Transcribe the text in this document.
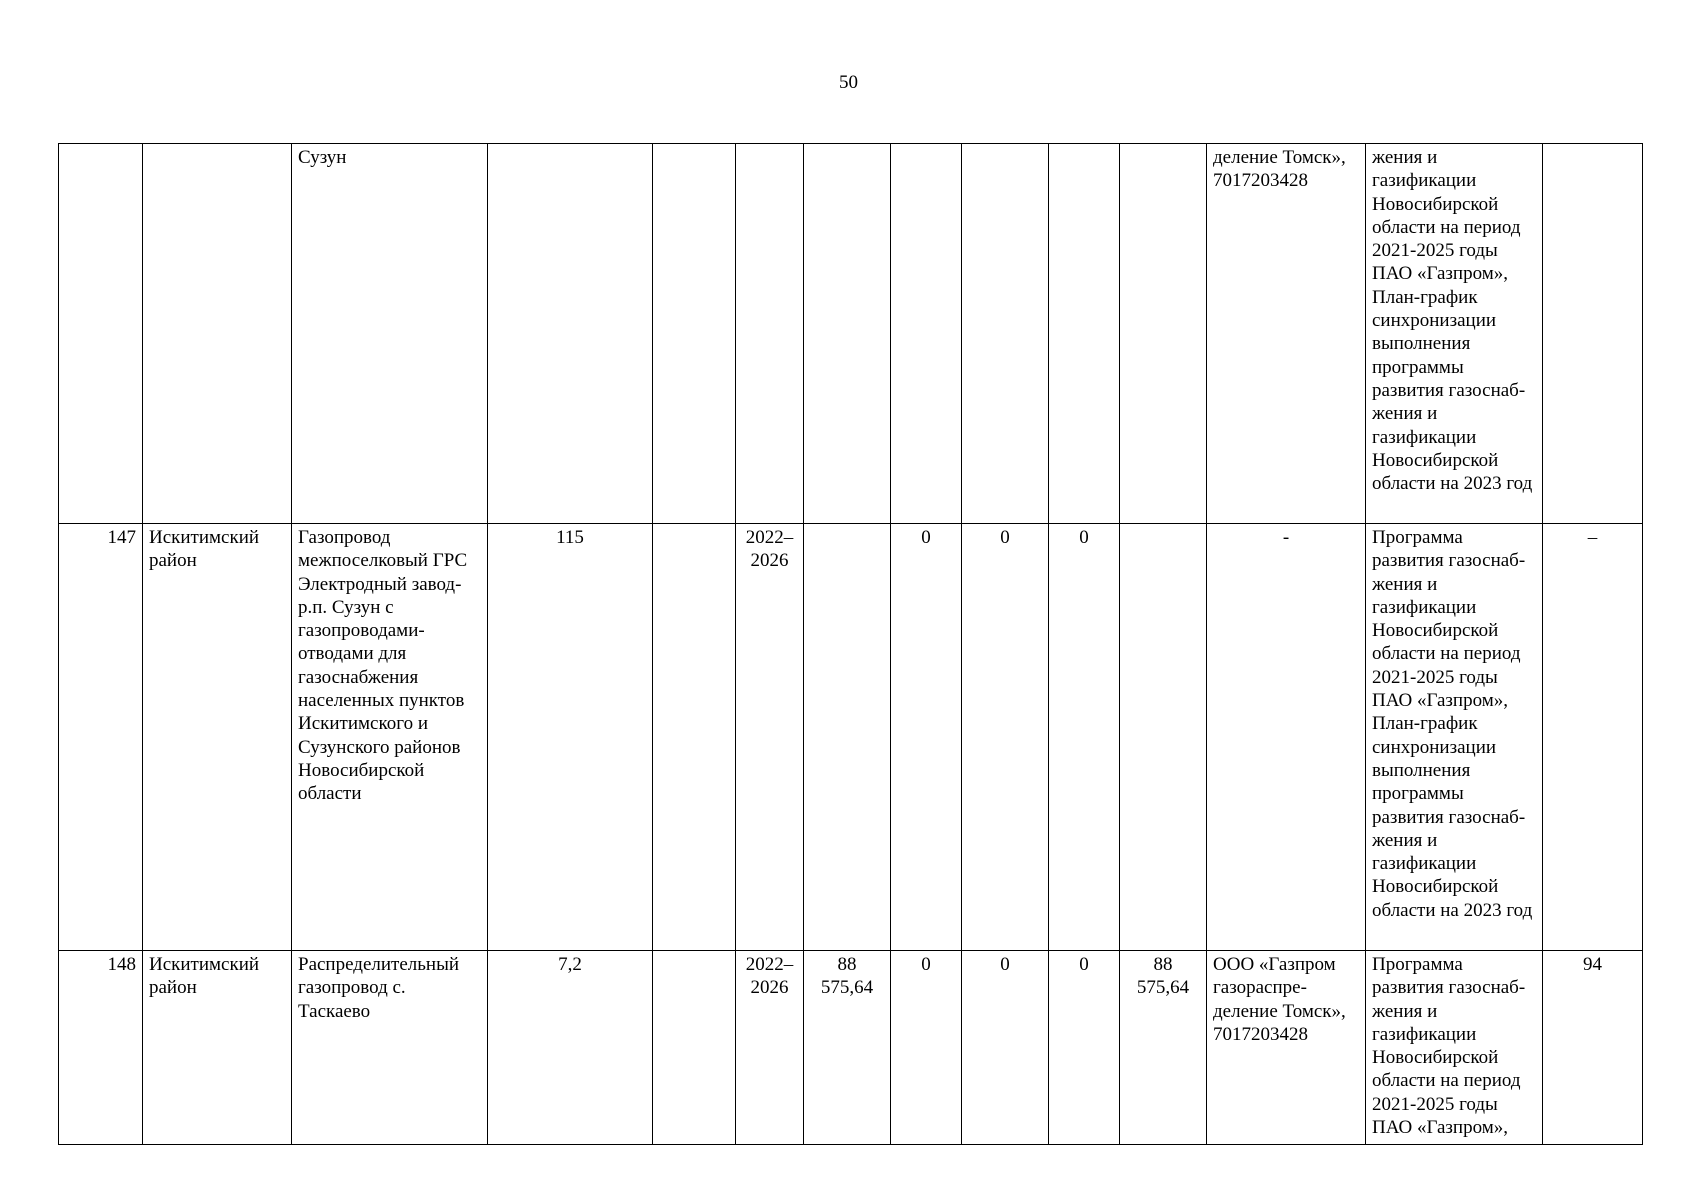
50
		Сузун									деление Томск», 7017203428	жения и газификации Новосибирской области на период 2021-2025 годы ПАО «Газпром», План-график синхронизации выполнения программы развития газоснаб-жения и газификации Новосибирской области на 2023 год	
147	Искитимский район	Газопровод межпоселковый ГРС Электродный завод-р.п. Сузун с газопроводами-отводами для газоснабжения населенных пунктов Искитимского и Сузунского районов Новосибирской области	115		2022–2026		0	0	0		-	Программа развития газоснаб-жения и газификации Новосибирской области на период 2021-2025 годы ПАО «Газпром», План-график синхронизации выполнения программы развития газоснаб-жения и газификации Новосибирской области на 2023 год	–
148	Искитимский район	Распределительный газопровод с. Таскаево	7,2		2022–2026	88 575,64	0	0	0	88 575,64	ООО «Газпром газораспре-деление Томск», 7017203428	Программа развития газоснаб-жения и газификации Новосибирской области на период 2021-2025 годы ПАО «Газпром»,	94
